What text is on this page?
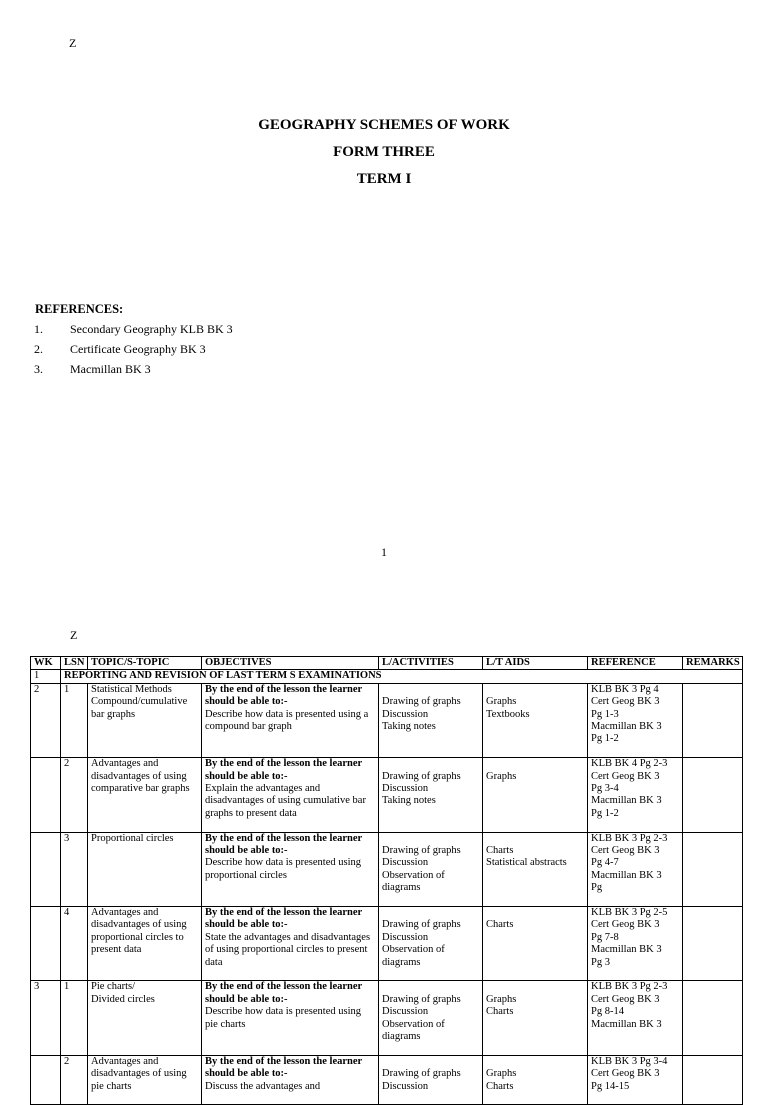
Z
GEOGRAPHY SCHEMES OF WORK
FORM THREE
TERM I
REFERENCES:
1. Secondary Geography KLB BK 3
2. Certificate Geography BK 3
3. Macmillan BK 3
1
Z
WK	LSN	TOPIC/S-TOPIC	OBJECTIVES	L/ACTIVITIES	L/T AIDS	REFERENCE	REMARKS
1	REPORTING AND REVISION OF LAST TERM S EXAMINATIONS						
2	1	Statistical Methods
Compound/cumulative
bar graphs	By the end of the lesson the learner should be able to:-
Describe how data is presented using a compound bar graph	Drawing of graphs
Discussion
Taking notes	Graphs
Textbooks	KLB BK 3 Pg 4
Cert Geog BK 3
Pg 1-3
Macmillan BK 3
Pg 1-2	

	2	Advantages and
disadvantages of using
comparative bar graphs	By the end of the lesson the learner should be able to:-
Explain the advantages and disadvantages of using cumulative bar graphs to present data	Drawing of graphs
Discussion
Taking notes	Graphs	KLB BK 4 Pg 2-3
Cert Geog BK 3
Pg 3-4
Macmillan BK 3
Pg 1-2	

	3	Proportional circles	By the end of the lesson the learner should be able to:-
Describe how data is presented using proportional circles	Drawing of graphs
Discussion
Observation of
diagrams	Charts
Statistical abstracts	KLB BK 3 Pg 2-3
Cert Geog BK 3
Pg 4-7
Macmillan BK 3
Pg	

	4	Advantages and
disadvantages of using
proportional circles to
present data	By the end of the lesson the learner should be able to:-
State the advantages and disadvantages of using proportional circles to present data	Drawing of graphs
Discussion
Observation of
diagrams	Charts	KLB BK 3 Pg 2-5
Cert Geog BK 3
Pg 7-8
Macmillan BK 3
Pg 3	

3	1	Pie charts/
Divided circles	By the end of the lesson the learner should be able to:-
Describe how data is presented using pie charts	Drawing of graphs
Discussion
Observation of
diagrams	Graphs
Charts	KLB BK 3 Pg 2-3
Cert Geog BK 3
Pg 8-14
Macmillan BK 3	

	2	Advantages and
disadvantages of using
pie charts	By the end of the lesson the learner should be able to:-
Discuss the advantages and	Drawing of graphs
Discussion	Graphs
Charts	KLB BK 3 Pg 3-4
Cert Geog BK 3
Pg 14-15	
